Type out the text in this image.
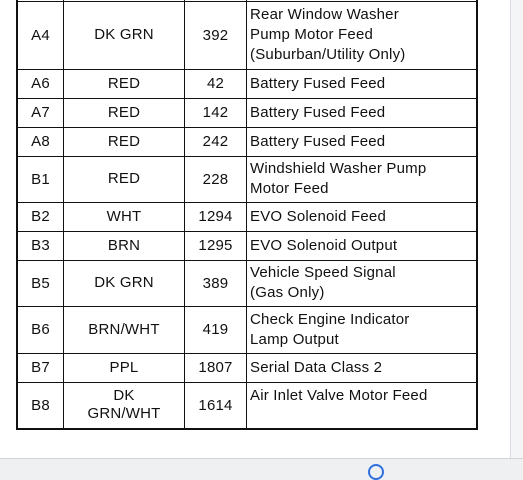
A4	DK GRN	392	Rear Window Washer
Pump Motor Feed
(Suburban/Utility Only)

A6	RED	42	Battery Fused Feed

A7	RED	142	Battery Fused Feed

A8	RED	242	Battery Fused Feed

B1	RED	228	Windshield Washer Pump
Motor Feed

B2	WHT	1294	EVO Solenoid Feed

B3	BRN	1295	EVO Solenoid Output

B5	DK GRN	389	Vehicle Speed Signal
(Gas Only)

B6	BRN/WHT	419	Check Engine Indicator
Lamp Output

B7	PPL	1807	Serial Data Class 2

B8	DK
GRN/WHT	1614	Air Inlet Valve Motor Feed
